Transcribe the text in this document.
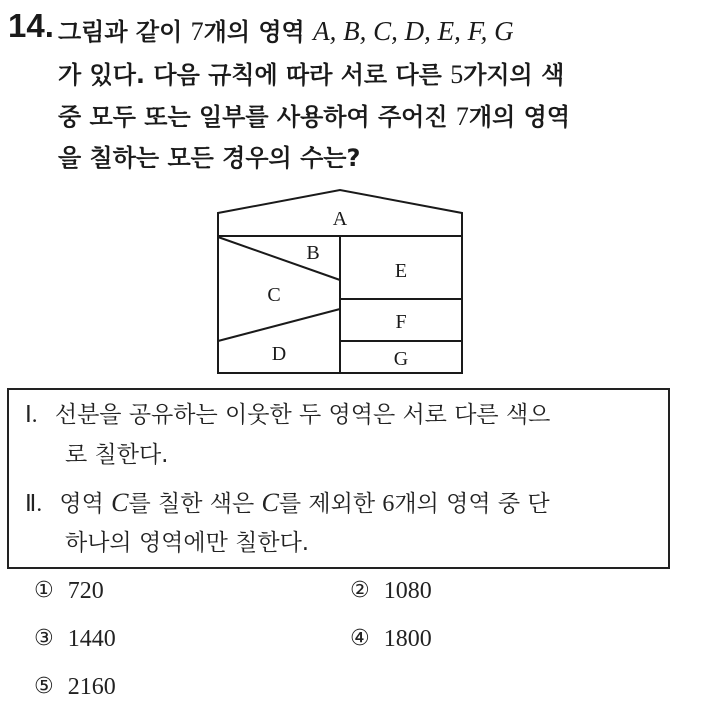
14. 그림과 같이 7개의 영역 A, B, C, D, E, F, G
가 있다. 다음 규칙에 따라 서로 다른 5가지의 색
중 모두 또는 일부를 사용하여 주어진 7개의 영역
을 칠하는 모든 경우의 수는?
A
B
C
D
E
F
G
Ⅰ. 선분을 공유하는 이웃한 두 영역은 서로 다른 색으
로 칠한다.
Ⅱ. 영역 C를 칠한 색은 C를 제외한 6개의 영역 중 단
하나의 영역에만 칠한다.
① 720	② 1080
③ 1440	④ 1800
⑤ 2160
